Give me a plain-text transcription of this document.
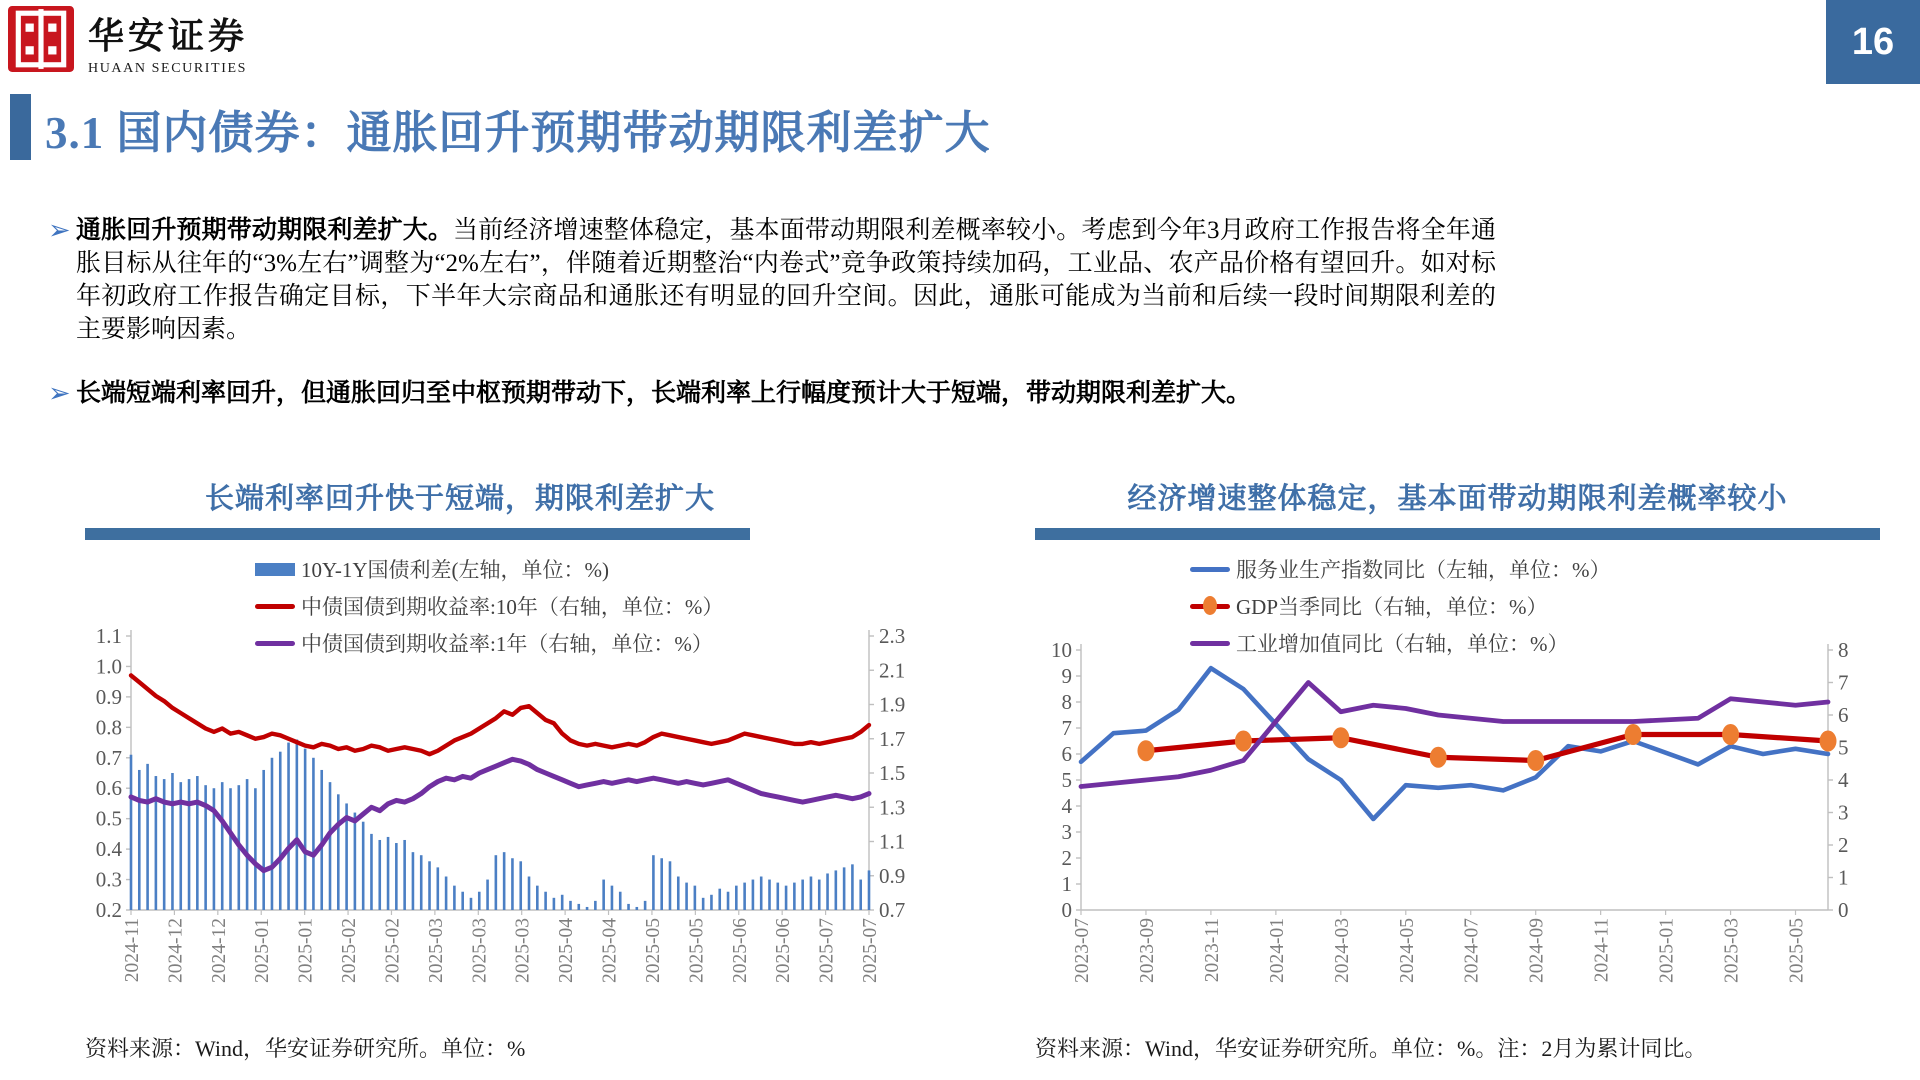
华安证券
HUAAN SECURITIES
16
3.1 国内债券：通胀回升预期带动期限利差扩大
➢ 通胀回升预期带动期限利差扩大。当前经济增速整体稳定，基本面带动期限利差概率较小。考虑到今年3月政府工作报告将全年通胀目标从往年的“3%左右”调整为“2%左右”，伴随着近期整治“内卷式”竞争政策持续加码，工业品、农产品价格有望回升。如对标年初政府工作报告确定目标，下半年大宗商品和通胀还有明显的回升空间。因此，通胀可能成为当前和后续一段时间期限利差的主要影响因素。
➢ 长端短端利率回升，但通胀回归至中枢预期带动下，长端利率上行幅度预计大于短端，带动期限利差扩大。
长端利率回升快于短端，期限利差扩大
10Y-1Y国债利差(左轴，单位：%)
中债国债到期收益率:10年（右轴，单位：%）
中债国债到期收益率:1年（右轴，单位：%）
1.1
1.0
0.9
0.8
0.7
0.6
0.5
0.4
0.3
0.2
2.3
2.1
1.9
1.7
1.5
1.3
1.1
0.9
0.7
2024-11 2024-12 2024-12 2025-01 2025-01 2025-02 2025-02 2025-03 2025-03 2025-03 2025-04 2025-04 2025-05 2025-05 2025-06 2025-06 2025-07 2025-07
经济增速整体稳定，基本面带动期限利差概率较小
服务业生产指数同比（左轴，单位：%）
GDP当季同比（右轴，单位：%）
工业增加值同比（右轴，单位：%）
10
9
8
7
6
5
4
3
2
1
0
8
7
6
5
4
3
2
1
0
2023-07 2023-09 2023-11 2024-01 2024-03 2024-05 2024-07 2024-09 2024-11 2025-01 2025-03 2025-05
资料来源：Wind，华安证券研究所。单位：%	资料来源：Wind，华安证券研究所。单位：%。注：2月为累计同比。
